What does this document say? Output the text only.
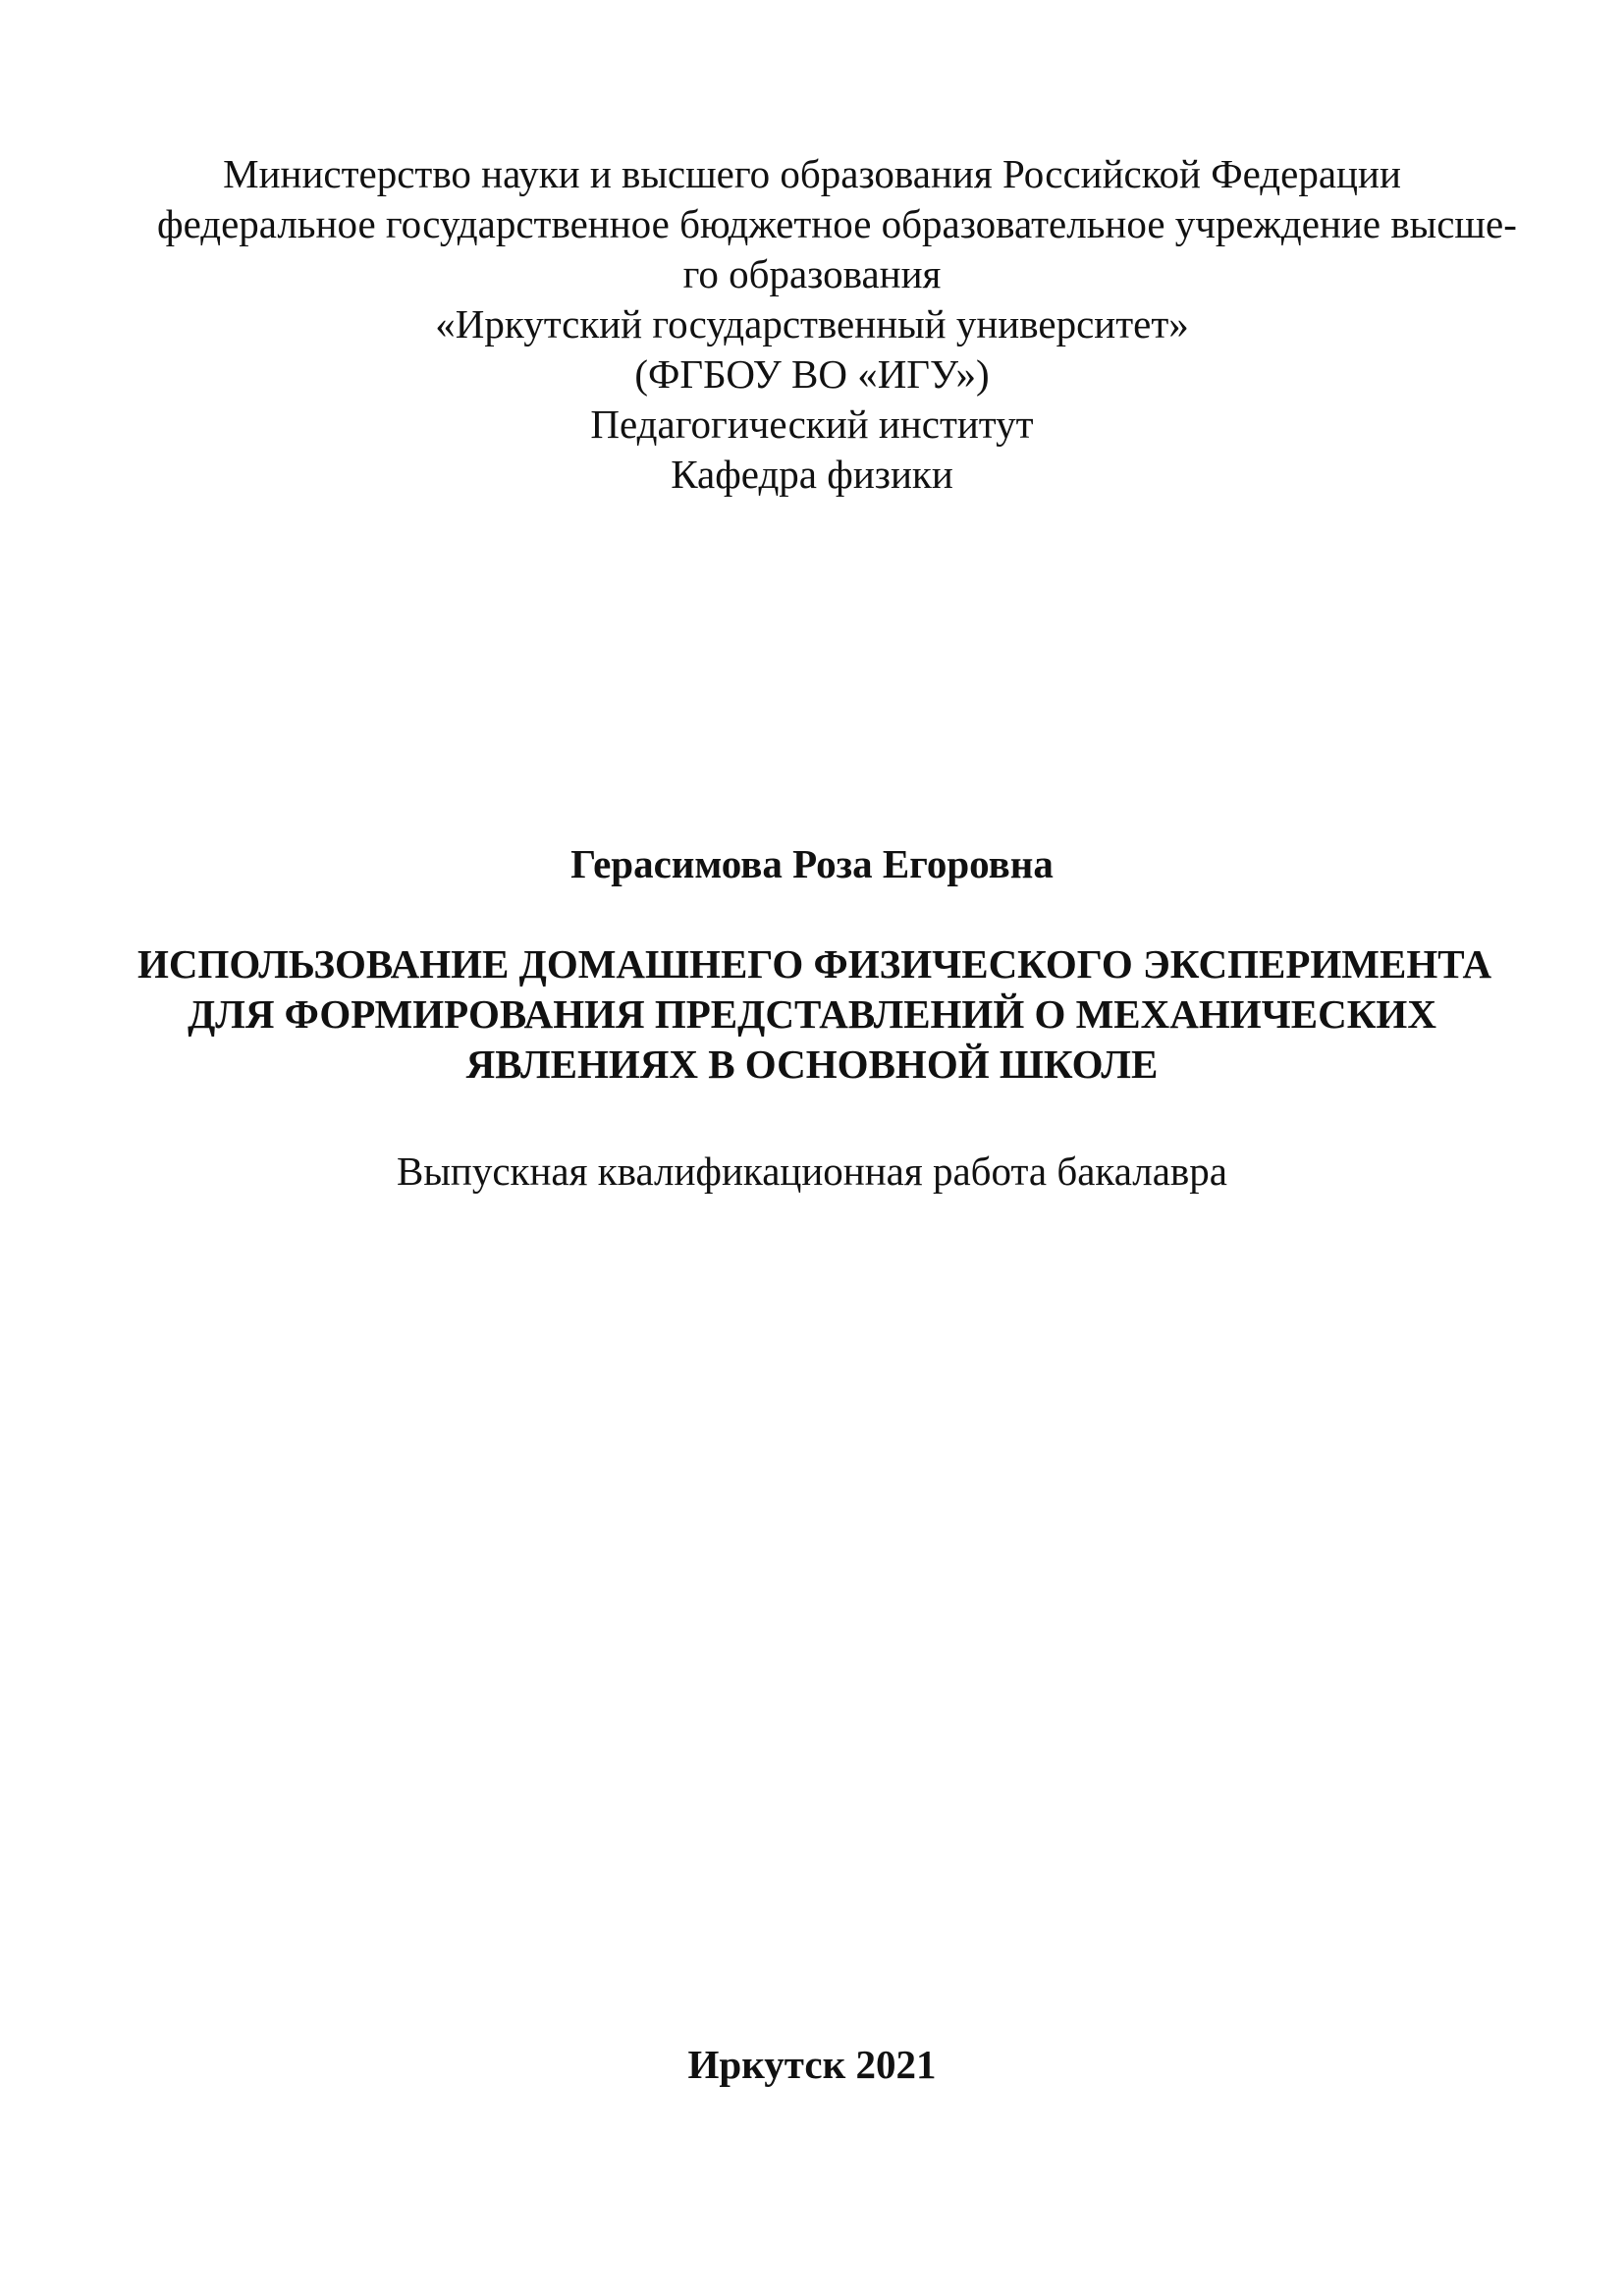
Министерство науки и высшего образования Российской Федерации
федеральное государственное бюджетное образовательное учреждение высше-
го образования
«Иркутский государственный университет»
(ФГБОУ ВО «ИГУ»)
Педагогический институт
Кафедра физики
Герасимова Роза Егоровна
ИСПОЛЬЗОВАНИЕ ДОМАШНЕГО ФИЗИЧЕСКОГО ЭКСПЕРИМЕНТА
ДЛЯ ФОРМИРОВАНИЯ ПРЕДСТАВЛЕНИЙ О МЕХАНИЧЕСКИХ
ЯВЛЕНИЯХ В ОСНОВНОЙ ШКОЛЕ
Выпускная квалификационная работа бакалавра
Иркутск 2021
